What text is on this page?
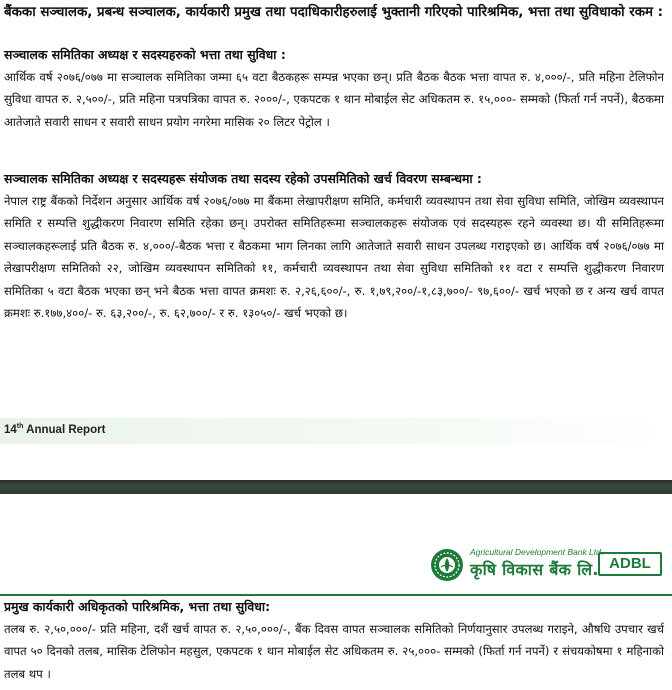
बैंकका सञ्चालक, प्रबन्ध सञ्चालक, कार्यकारी प्रमुख तथा पदाधिकारीहरुलाई भुक्तानी गरिएको पारिश्रमिक, भत्ता तथा सुविधाको रकम :

सञ्चालक समितिका अध्यक्ष र सदस्यहरुको भत्ता तथा सुविधा :

आर्थिक वर्ष २०७६/०७७ मा सञ्चालक समितिका जम्मा ६५ वटा बैठकहरू सम्पन्न भएका छन्। प्रति बैठक बैठक भत्ता वापत रु. ४,०००/-, प्रति महिना टेलिफोन सुविधा वापत रु. २,५००/-, प्रति महिना पत्रपत्रिका वापत रु. २०००/-, एकपटक १ थान मोबाईल सेट अधिकतम रु. १५,०००- सम्मको (फिर्ता गर्न नपर्ने), बैठकमा आतेजाते सवारी साधन र सवारी साधन प्रयोग नगरेमा मासिक २० लिटर पेट्रोल ।

सञ्चालक समितिका अध्यक्ष र सदस्यहरू संयोजक तथा सदस्य रहेको उपसमितिको खर्च विवरण सम्बन्धमा :

नेपाल राष्ट्र बैंकको निर्देशन अनुसार आर्थिक वर्ष २०७६/०७७ मा बैंकमा लेखापरीक्षण समिति, कर्मचारी व्यवस्थापन तथा सेवा सुविधा समिति, जोखिम व्यवस्थापन समिति र सम्पत्ति शुद्धीकरण निवारण समिति रहेका छन्। उपरोक्त समितिहरूमा सञ्चालकहरू संयोजक एवं सदस्यहरू रहने व्यवस्था छ। यी समितिहरूमा सञ्चालकहरूलाई प्रति बैठक रु. ४,०००/-बैठक भत्ता र बैठकमा भाग लिनका लागि आतेजाते सवारी साधन उपलब्ध गराइएको छ। आर्थिक वर्ष २०७६/०७७ मा लेखापरीक्षण समितिको २२, जोखिम व्यवस्थापन समितिको ११, कर्मचारी व्यवस्थापन तथा सेवा सुविधा समितिको ११ वटा र सम्पत्ति शुद्धीकरण निवारण समितिका ५ वटा बैठक भएका छन् भने बैठक भत्ता वापत क्रमशः रु. २,२६,६००/-, रु. १,७९,२००/-१,८३,७००/- ९७,६००/- खर्च भएको छ र अन्य खर्च वापत क्रमशः रु.१७७,४००/- रु. ६३,२००/-, रु. ६२,७००/- र रु. १३०५०/- खर्च भएको छ।

14th Annual Report
Agricultural Development Bank Ltd.
कृषि विकास बैंक लि. ADBL

प्रमुख कार्यकारी अधिकृतको पारिश्रमिक, भत्ता तथा सुविधा:

तलब रु. २,५०,०००/- प्रति महिना, दशैं खर्च वापत रु. २,५०,०००/-, बैंक दिवस वापत सञ्चालक समितिको निर्णयानुसार उपलब्ध गराइने, औषधि उपचार खर्च वापत ५० दिनको तलब, मासिक टेलिफोन महसुल, एकपटक १ थान मोबाईल सेट अधिकतम रु. २५,०००- सम्मको (फिर्ता गर्न नपर्ने) र संचयकोषमा १ महिनाको तलब थप ।
